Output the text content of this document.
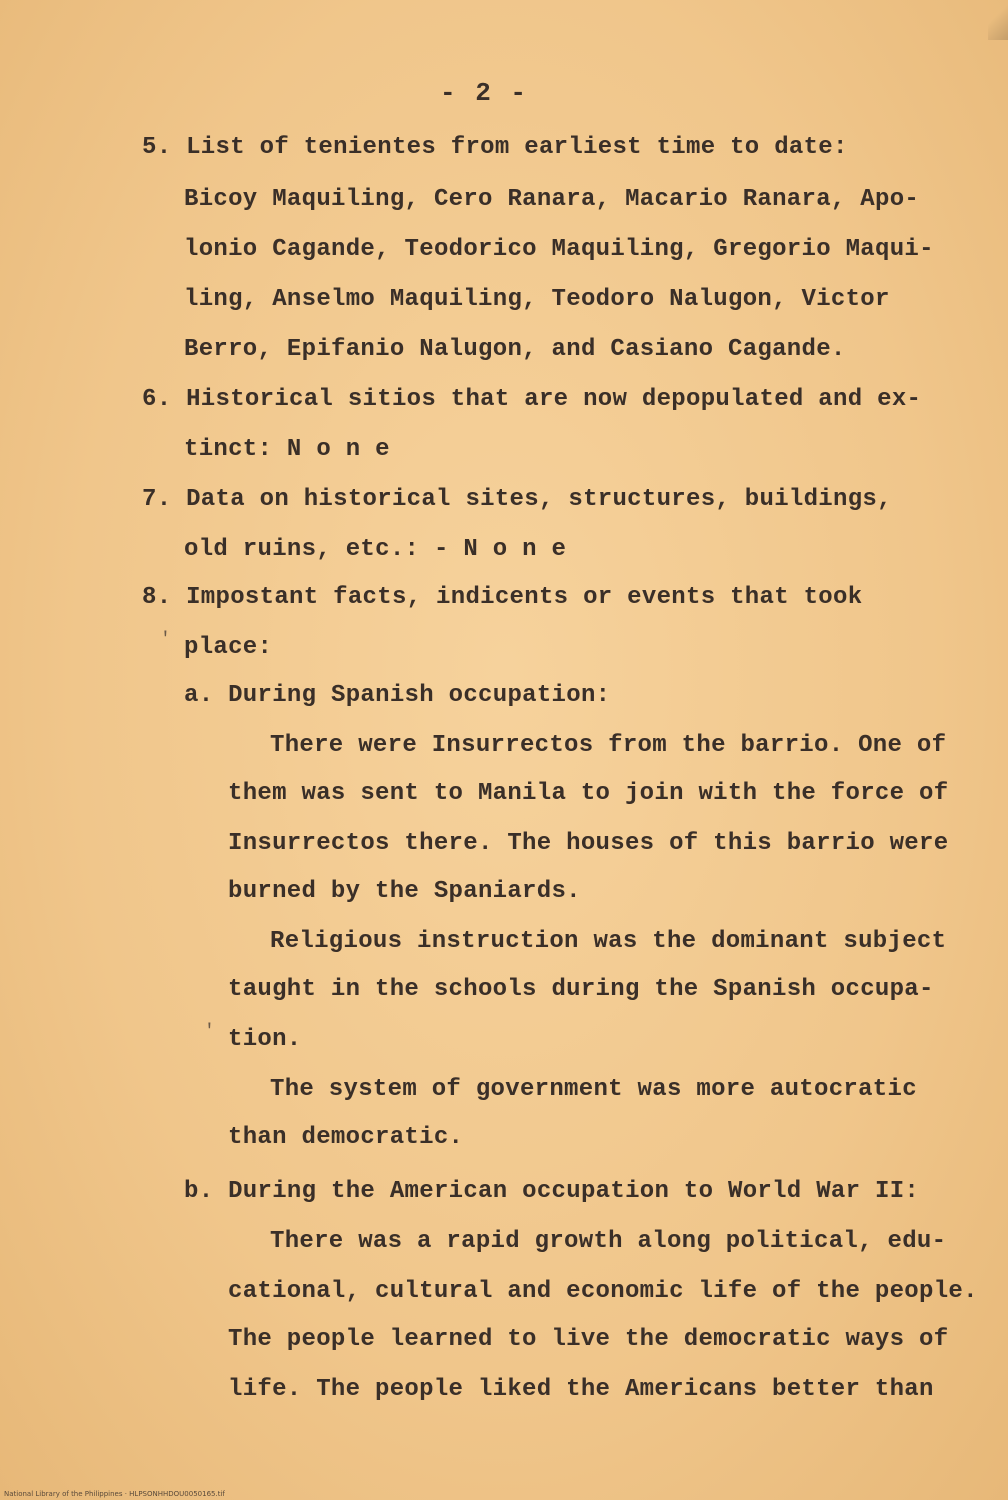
- 2 -
5. List of tenientes from earliest time to date:
Bicoy Maquiling, Cero Ranara, Macario Ranara, Apo-
lonio Cagande, Teodorico Maquiling, Gregorio Maqui-
ling, Anselmo Maquiling, Teodoro Nalugon, Victor
Berro, Epifanio Nalugon, and Casiano Cagande.
6. Historical sitios that are now depopulated and ex-
tinct: N o n e
7. Data on historical sites, structures, buildings,
old ruins, etc.: - N o n e
8. Impostant facts, indicents or events that took
place:
a. During Spanish occupation:
There were Insurrectos from the barrio. One of
them was sent to Manila to join with the force of
Insurrectos there. The houses of this barrio were
burned by the Spaniards.
Religious instruction was the dominant subject
taught in the schools during the Spanish occupa-
tion.
The system of government was more autocratic
than democratic.
b. During the American occupation to World War II:
There was a rapid growth along political, edu-
cational, cultural and economic life of the people.
The people learned to live the democratic ways of
life. The people liked the Americans better than
'
'
National Library of the Philippines · HLPSONHHDOU0050165.tif
